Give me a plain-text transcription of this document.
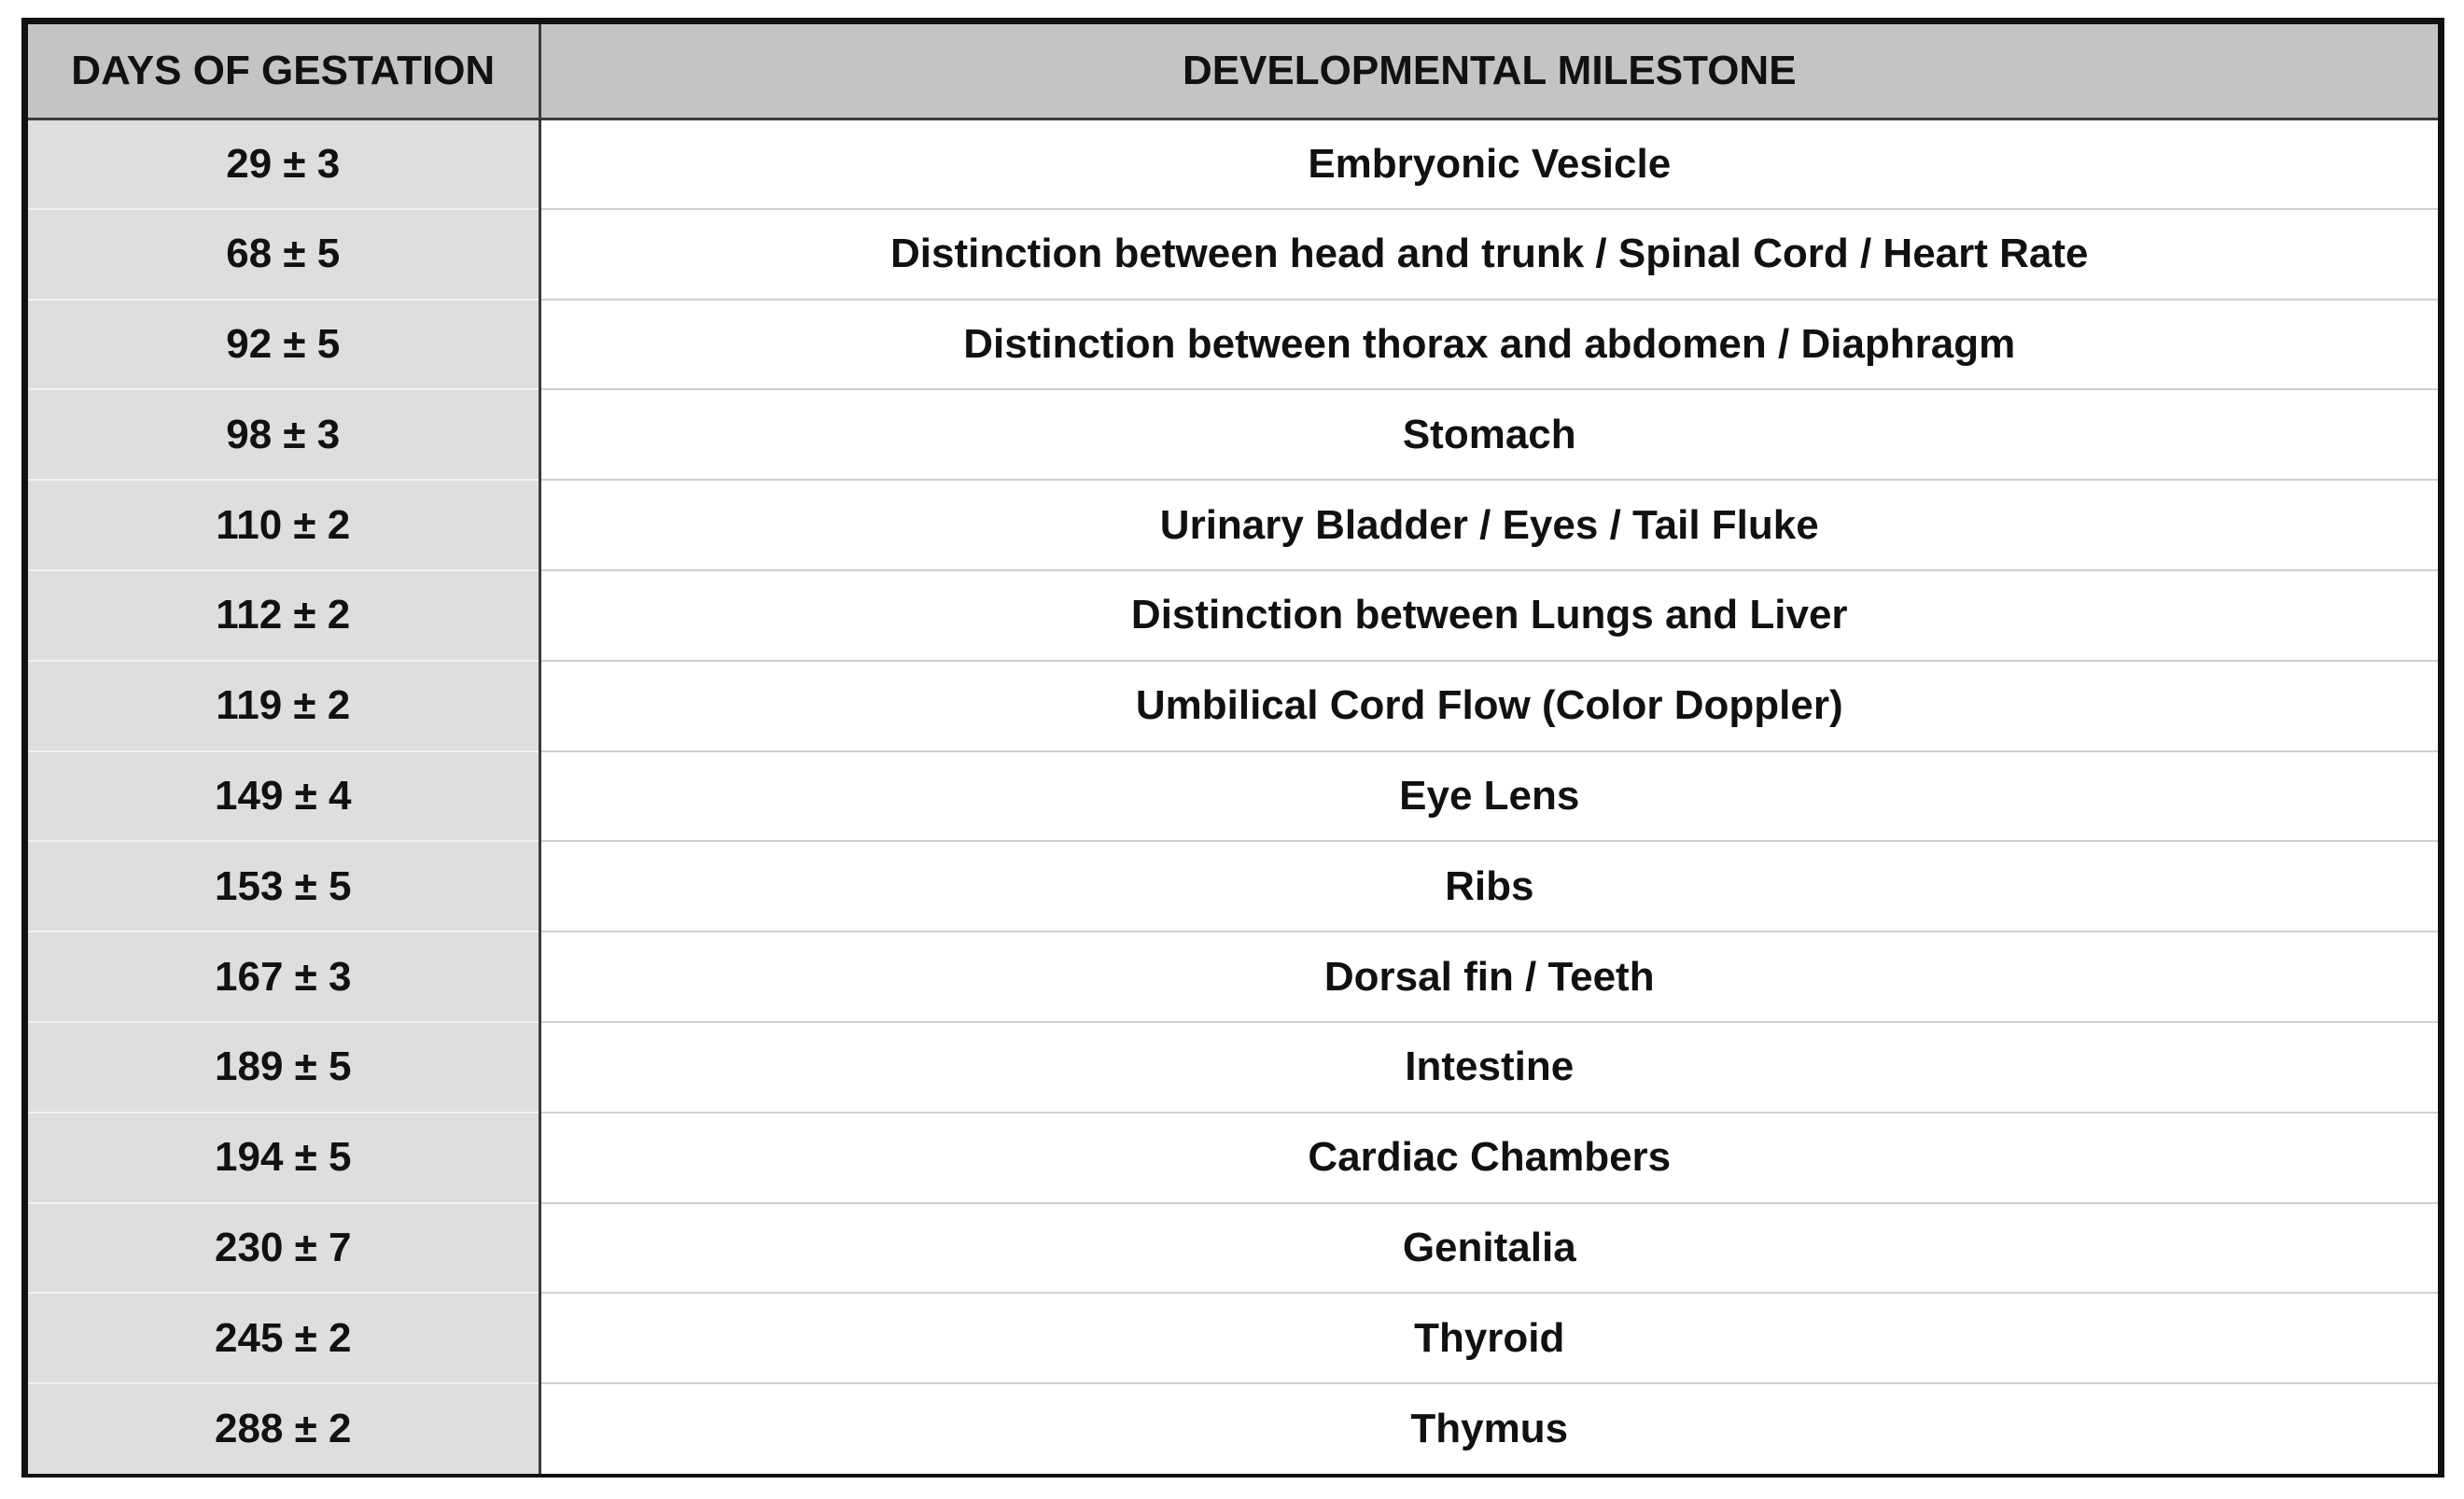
DAYS OF GESTATION	DEVELOPMENTAL MILESTONE
29 ± 3	Embryonic Vesicle
68 ± 5	Distinction between head and trunk / Spinal Cord / Heart Rate
92 ± 5	Distinction between thorax and abdomen / Diaphragm
98 ± 3	Stomach
110 ± 2	Urinary Bladder / Eyes / Tail Fluke
112 ± 2	Distinction between Lungs and Liver
119 ± 2	Umbilical Cord Flow (Color Doppler)
149 ± 4	Eye Lens
153 ± 5	Ribs
167 ± 3	Dorsal fin / Teeth
189 ± 5	Intestine
194 ± 5	Cardiac Chambers
230 ± 7	Genitalia
245 ± 2	Thyroid
288 ± 2	Thymus
